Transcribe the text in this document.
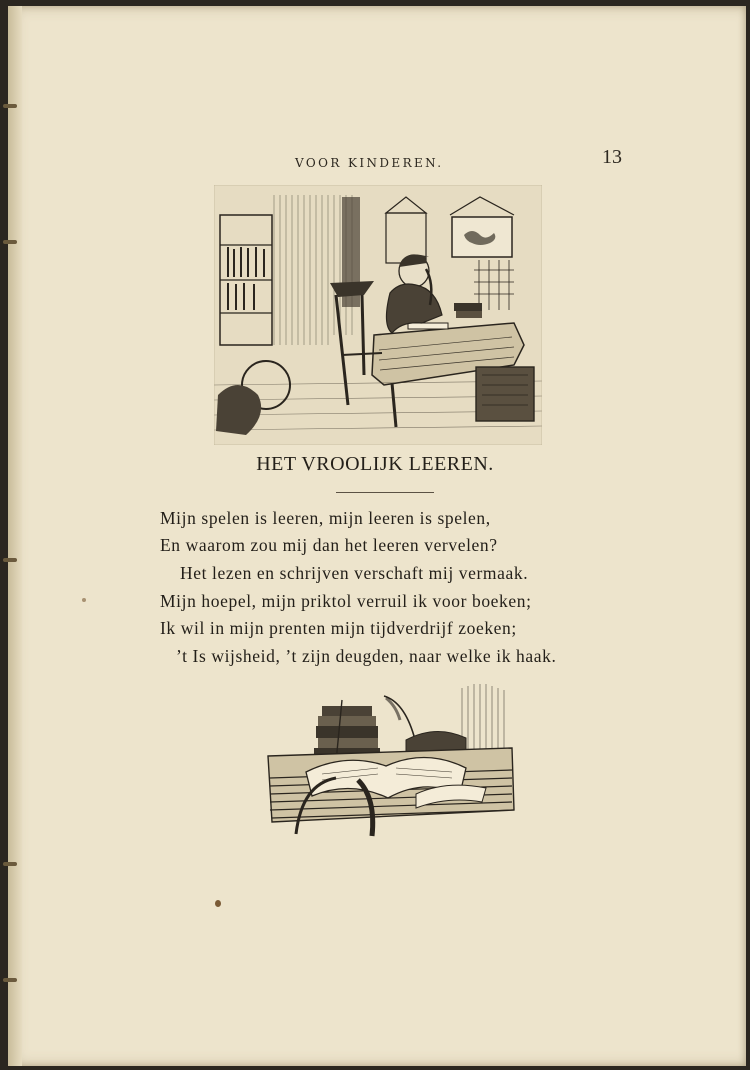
VOOR KINDEREN.	13
HET VROOLIJK LEEREN.
Mijn spelen is leeren, mijn leeren is spelen,
En waarom zou mij dan het leeren vervelen?
Het lezen en schrijven verschaft mij vermaak.
Mijn hoepel, mijn priktol verruil ik voor boeken;
Ik wil in mijn prenten mijn tijdverdrijf zoeken;
’t Is wijsheid, ’t zijn deugden, naar welke ik haak.
